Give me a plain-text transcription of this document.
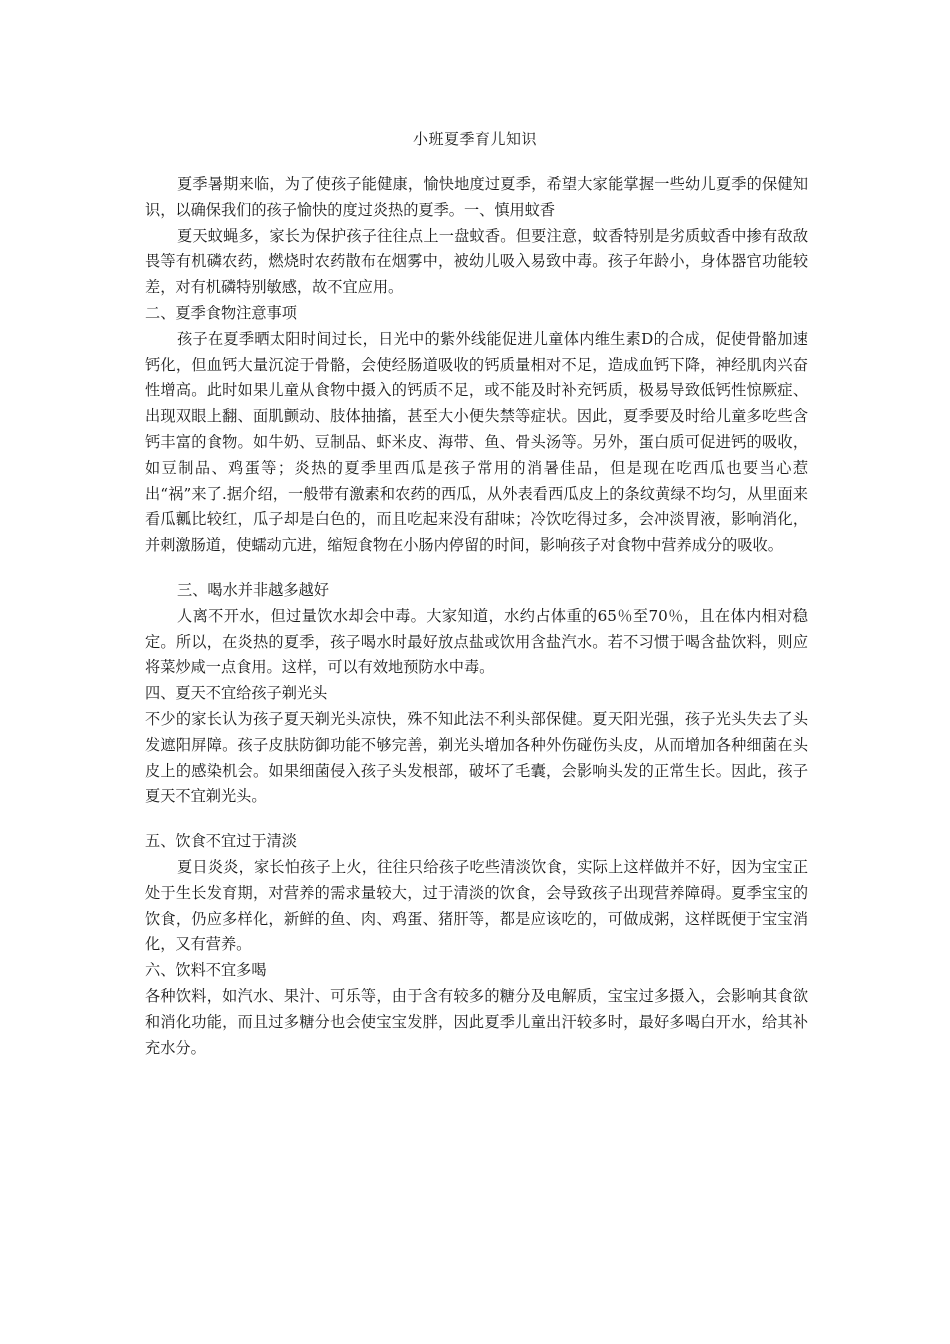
小班夏季育儿知识

夏季暑期来临，为了使孩子能健康，愉快地度过夏季，希望大家能掌握一些幼儿夏季的保健知识，以确保我们的孩子愉快的度过炎热的夏季。一、慎用蚊香

夏天蚊蝇多，家长为保护孩子往往点上一盘蚊香。但要注意，蚊香特别是劣质蚊香中掺有敌敌畏等有机磷农药，燃烧时农药散布在烟雾中，被幼儿吸入易致中毒。孩子年龄小，身体器官功能较差，对有机磷特别敏感，故不宜应用。

二、夏季食物注意事项

孩子在夏季晒太阳时间过长，日光中的紫外线能促进儿童体内维生素D的合成，促使骨骼加速钙化，但血钙大量沉淀于骨骼，会使经肠道吸收的钙质量相对不足，造成血钙下降，神经肌肉兴奋性增高。此时如果儿童从食物中摄入的钙质不足，或不能及时补充钙质，极易导致低钙性惊厥症、出现双眼上翻、面肌颤动、肢体抽搐，甚至大小便失禁等症状。因此，夏季要及时给儿童多吃些含钙丰富的食物。如牛奶、豆制品、虾米皮、海带、鱼、骨头汤等。另外，蛋白质可促进钙的吸收，如豆制品、鸡蛋等；炎热的夏季里西瓜是孩子常用的消暑佳品，但是现在吃西瓜也要当心惹出“祸”来了.据介绍，一般带有激素和农药的西瓜，从外表看西瓜皮上的条纹黄绿不均匀，从里面来看瓜瓤比较红，瓜子却是白色的，而且吃起来没有甜味；冷饮吃得过多，会冲淡胃液，影响消化，并刺激肠道，使蠕动亢进，缩短食物在小肠内停留的时间，影响孩子对食物中营养成分的吸收。

三、喝水并非越多越好

人离不开水，但过量饮水却会中毒。大家知道，水约占体重的65％至70％，且在体内相对稳定。所以，在炎热的夏季，孩子喝水时最好放点盐或饮用含盐汽水。若不习惯于喝含盐饮料，则应将菜炒咸一点食用。这样，可以有效地预防水中毒。

四、夏天不宜给孩子剃光头

不少的家长认为孩子夏天剃光头凉快，殊不知此法不利头部保健。夏天阳光强，孩子光头失去了头发遮阳屏障。孩子皮肤防御功能不够完善，剃光头增加各种外伤碰伤头皮，从而增加各种细菌在头皮上的感染机会。如果细菌侵入孩子头发根部，破坏了毛囊，会影响头发的正常生长。因此，孩子夏天不宜剃光头。

五、饮食不宜过于清淡

夏日炎炎，家长怕孩子上火，往往只给孩子吃些清淡饮食，实际上这样做并不好，因为宝宝正处于生长发育期，对营养的需求量较大，过于清淡的饮食，会导致孩子出现营养障碍。夏季宝宝的饮食，仍应多样化，新鲜的鱼、肉、鸡蛋、猪肝等，都是应该吃的，可做成粥，这样既便于宝宝消化，又有营养。

六、饮料不宜多喝

各种饮料，如汽水、果汁、可乐等，由于含有较多的糖分及电解质，宝宝过多摄入，会影响其食欲和消化功能，而且过多糖分也会使宝宝发胖，因此夏季儿童出汗较多时，最好多喝白开水，给其补充水分。
